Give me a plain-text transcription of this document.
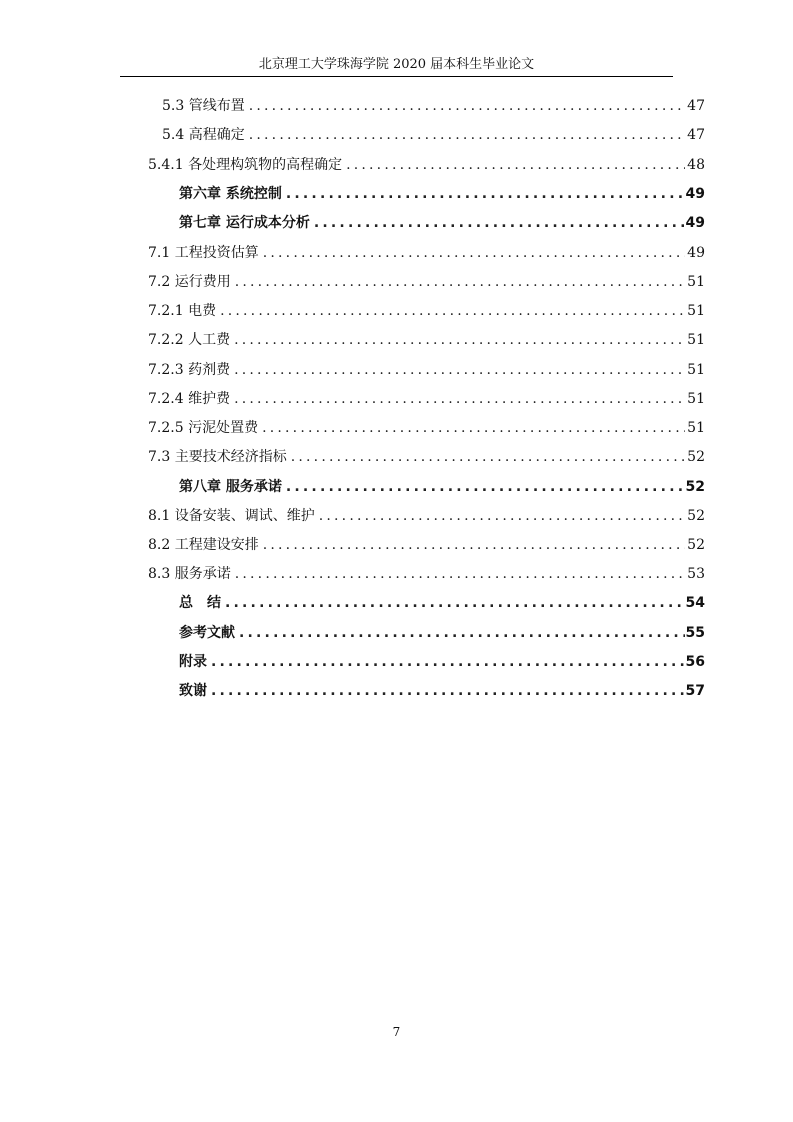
北京理工大学珠海学院 2020 届本科生毕业论文
5.3 管线布置 .....	47
5.4 高程确定 .....	47
5.4.1 各处理构筑物的高程确定 .....	48
第六章 系统控制 .....	49
第七章 运行成本分析 .....	49
7.1 工程投资估算 .....	49
7.2 运行费用 .....	51
7.2.1 电费 .....	51
7.2.2 人工费 .....	51
7.2.3 药剂费 .....	51
7.2.4 维护费 .....	51
7.2.5 污泥处置费 .....	51
7.3 主要技术经济指标 .....	52
第八章 服务承诺 .....	52
8.1 设备安装、调试、维护 .....	52
8.2 工程建设安排 .....	52
8.3 服务承诺 .....	53
总　结 .....	54
参考文献 .....	55
附录 .....	56
致谢 .....	57
7
